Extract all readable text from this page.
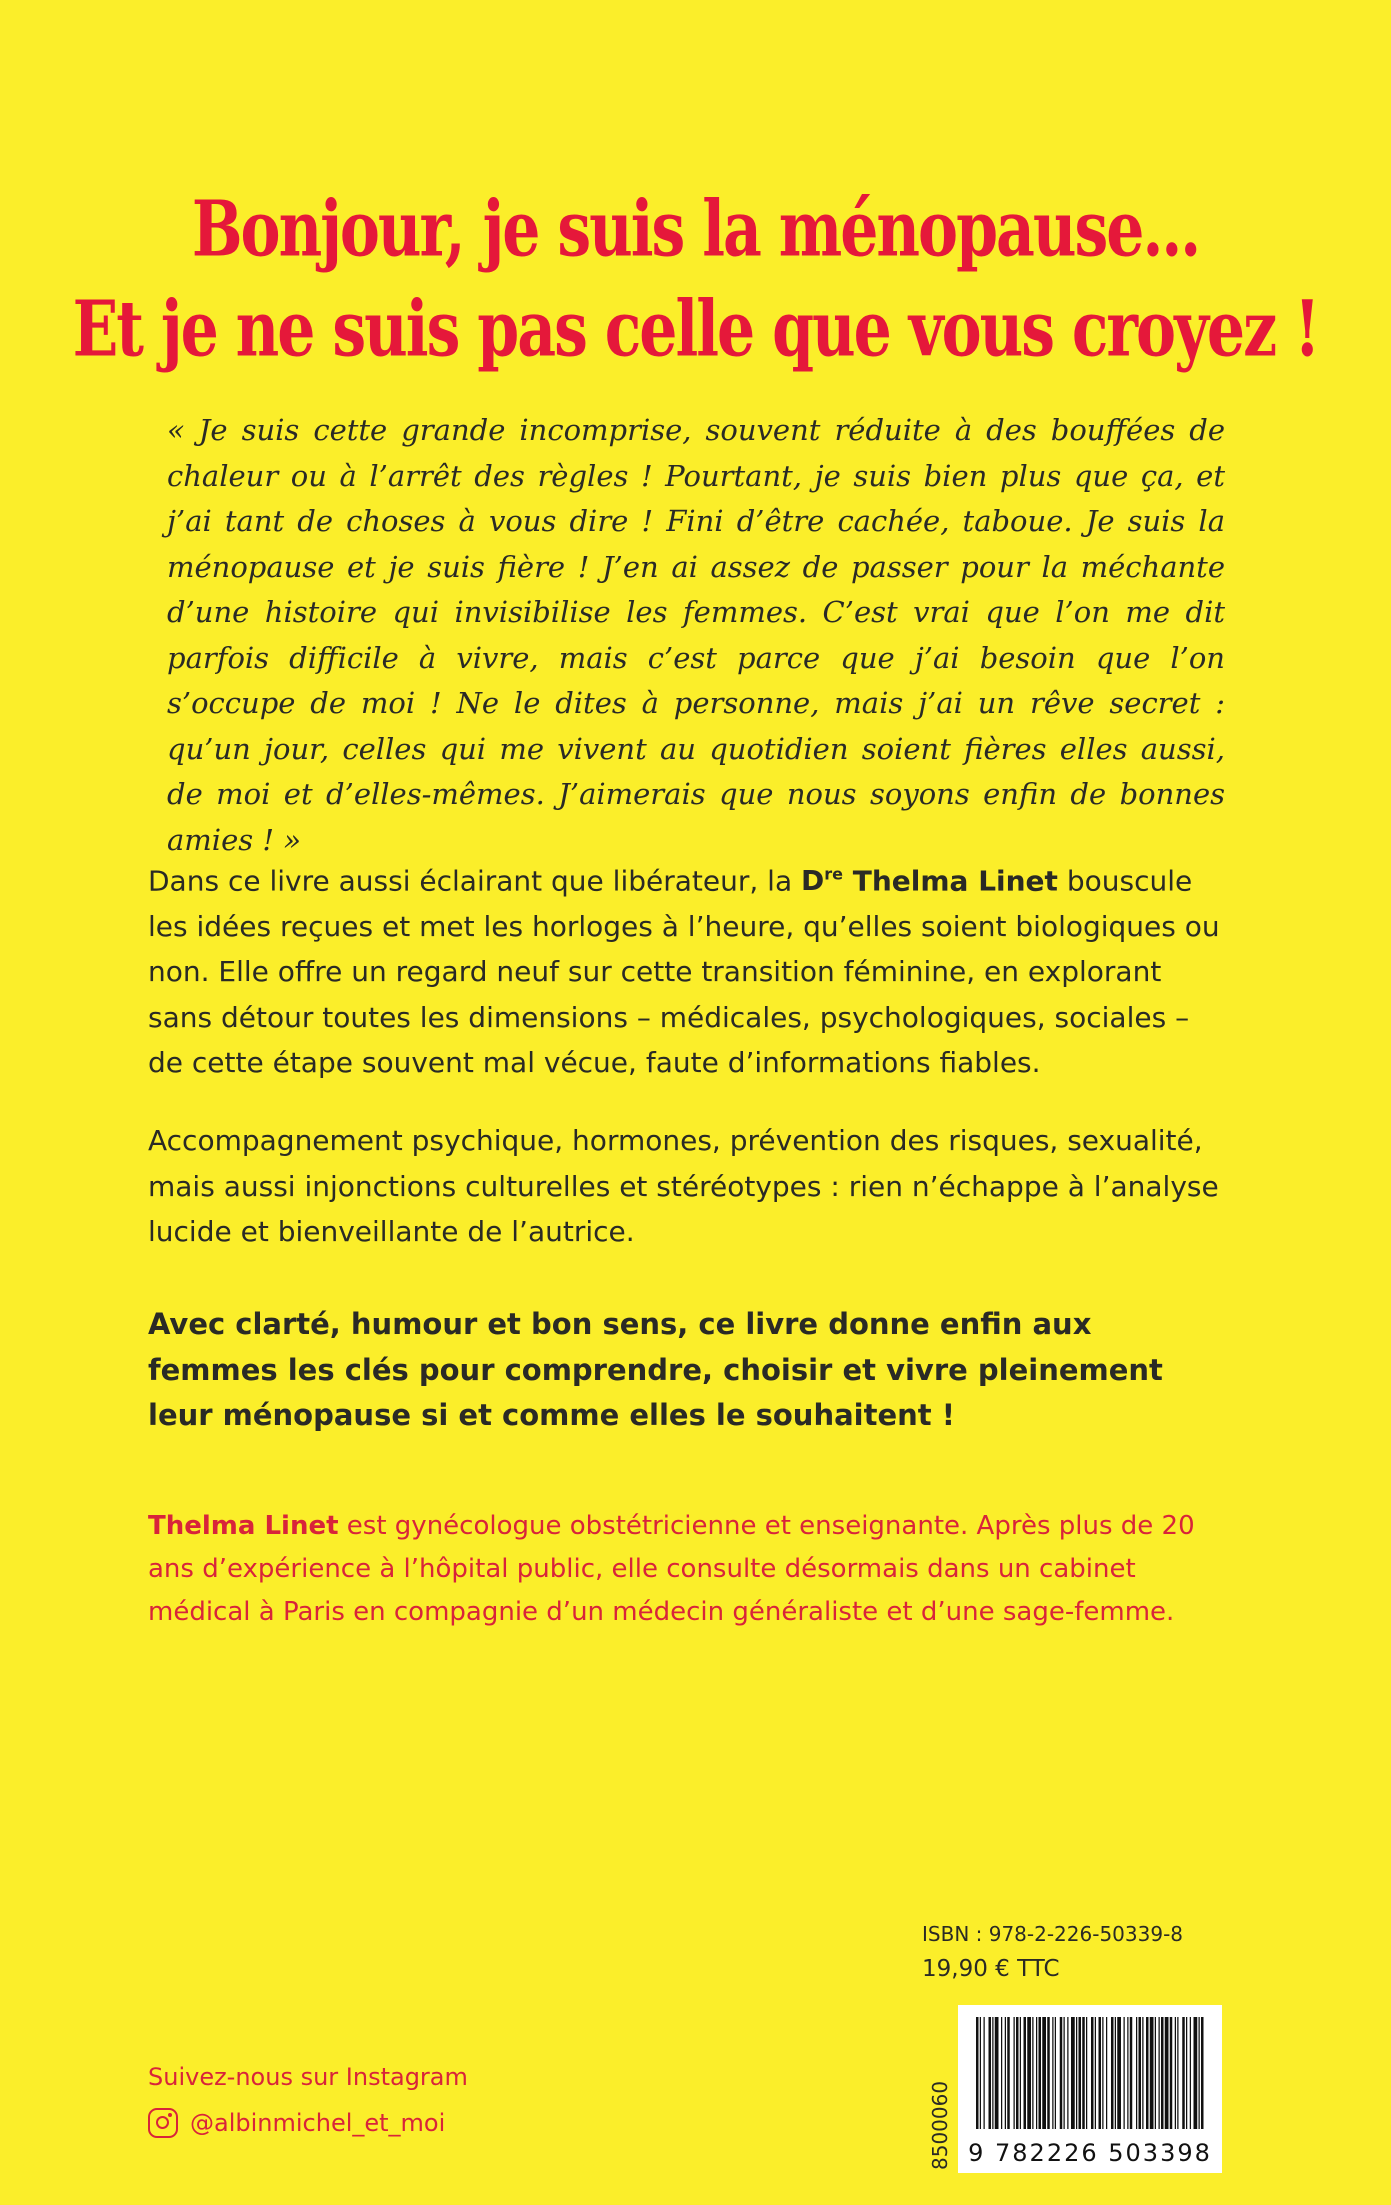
Bonjour, je suis la ménopause...
Et je ne suis pas celle que vous croyez !

« Je suis cette grande incomprise, souvent réduite à des bouffées de chaleur ou à l’arrêt des règles ! Pourtant, je suis bien plus que ça, et j’ai tant de choses à vous dire ! Fini d’être cachée, taboue. Je suis la ménopause et je suis fière ! J’en ai assez de passer pour la méchante d’une histoire qui invisibilise les femmes. C’est vrai que l’on me dit parfois difficile à vivre, mais c’est parce que j’ai besoin que l’on s’occupe de moi ! Ne le dites à personne, mais j’ai un rêve secret : qu’un jour, celles qui me vivent au quotidien soient fières elles aussi, de moi et d’elles-mêmes. J’aimerais que nous soyons enfin de bonnes amies ! »

Dans ce livre aussi éclairant que libérateur, la Dre Thelma Linet bouscule les idées reçues et met les horloges à l’heure, qu’elles soient biologiques ou non. Elle offre un regard neuf sur cette transition féminine, en explorant sans détour toutes les dimensions – médicales, psychologiques, sociales – de cette étape souvent mal vécue, faute d’informations fiables.

Accompagnement psychique, hormones, prévention des risques, sexualité, mais aussi injonctions culturelles et stéréotypes : rien n’échappe à l’analyse lucide et bienveillante de l’autrice.

Avec clarté, humour et bon sens, ce livre donne enfin aux femmes les clés pour comprendre, choisir et vivre pleinement leur ménopause si et comme elles le souhaitent !

Thelma Linet est gynécologue obstétricienne et enseignante. Après plus de 20 ans d’expérience à l’hôpital public, elle consulte désormais dans un cabinet médical à Paris en compagnie d’un médecin généraliste et d’une sage-femme.

Suivez-nous sur Instagram
@albinmichel_et_moi
ISBN : 978-2-226-50339-8
19,90 € TTC
8500060 9 782226 503398
